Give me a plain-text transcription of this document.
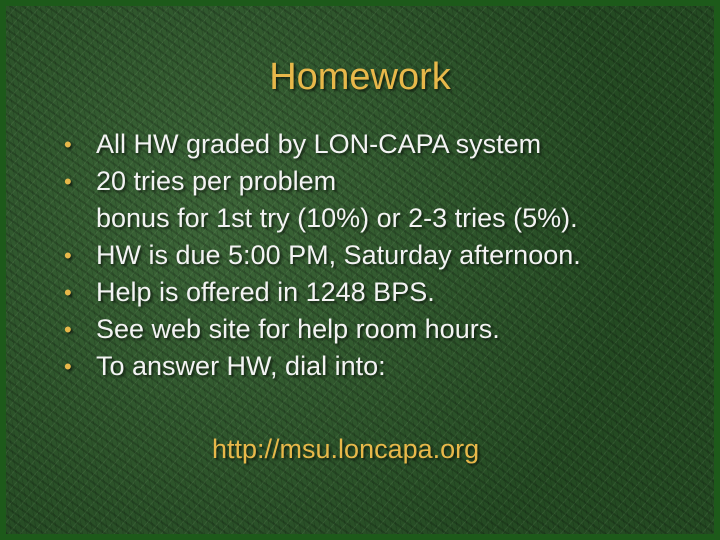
Homework
• All HW graded by LON-CAPA system
• 20 tries per problem
bonus for 1st try (10%) or 2-3 tries (5%).
• HW is due 5:00 PM, Saturday afternoon.
• Help is offered in 1248 BPS.
• See web site for help room hours.
• To answer HW, dial into:
http://msu.loncapa.org
